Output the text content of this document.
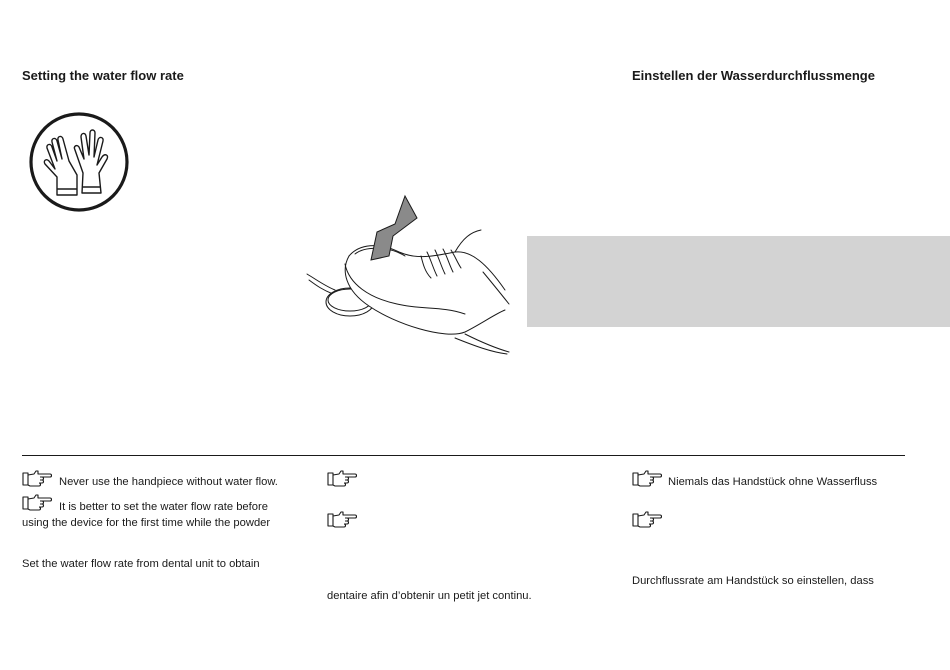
Setting the water flow rate	Einstellen der Wasserdurchflussmenge
Never use the handpiece without water flow.
It is better to set the water flow rate before
using the device for the first time while the powder
Set the water flow rate from dental unit to obtain
dentaire afin d’obtenir un petit jet continu.
Niemals das Handstück ohne Wasserfluss
Durchflussrate am Handstück so einstellen, dass
